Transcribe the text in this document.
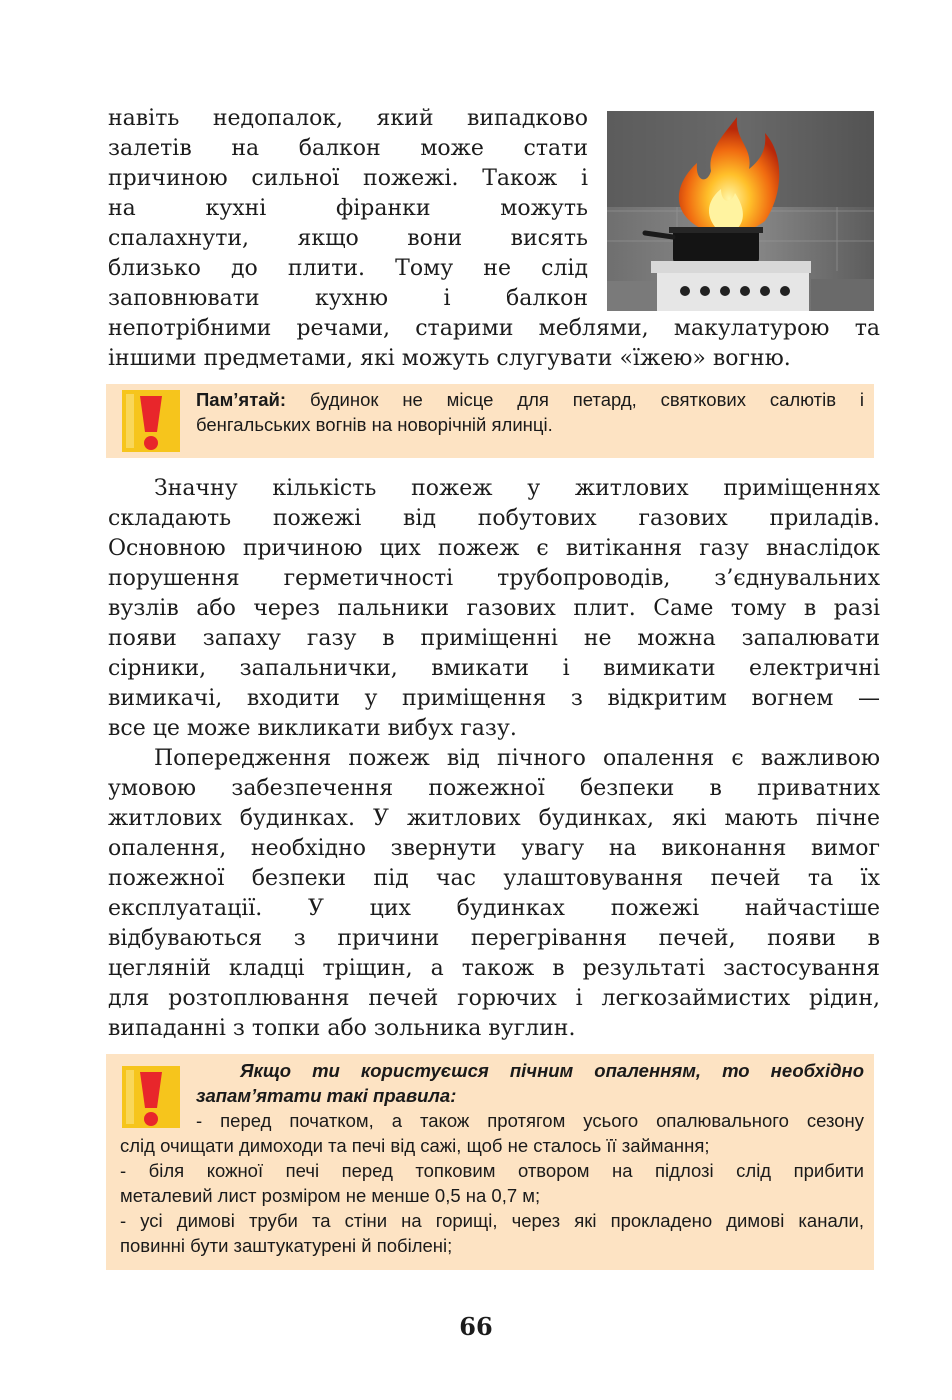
навіть недопалок, який випадково
залетів на балкон може стати
причиною сильної пожежі. Також і
на кухні фіранки можуть
спалахнути, якщо вони висять
близько до плити. Тому не слід
заповнювати кухню і балкон
непотрібними речами, старими меблями, макулатурою та
іншими предметами, які можуть слугувати «їжею» вогню.
Пам’ятай: будинок не місце для петард, святкових салютів і
бенгальських вогнів на новорічній ялинці.
Значну кількість пожеж у житлових приміщеннях
складають пожежі від побутових газових приладів.
Основною причиною цих пожеж є витікання газу внаслідок
порушення герметичності трубопроводів, з’єднувальних
вузлів або через пальники газових плит. Саме тому в разі
появи запаху газу в приміщенні не можна запалювати
сірники, запальнички, вмикати і вимикати електричні
вимикачі, входити у приміщення з відкритим вогнем —
все це може викликати вибух газу.
Попередження пожеж від пічного опалення є важливою
умовою забезпечення пожежної безпеки в приватних
житлових будинках. У житлових будинках, які мають пічне
опалення, необхідно звернути увагу на виконання вимог
пожежної безпеки під час улаштовування печей та їх
експлуатації. У цих будинках пожежі найчастіше
відбуваються з причини перегрівання печей, появи в
цегляній кладці тріщин, а також в результаті застосування
для розтоплювання печей горючих і легкозаймистих рідин,
випаданні з топки або зольника вуглин.
Якщо ти користуєшся пічним опаленням, то необхідно
запам’ятати такі правила:
- перед початком, а також протягом усього опалювального сезону
слід очищати димоходи та печі від сажі, щоб не сталось її займання;
- біля кожної печі перед топковим отвором на підлозі слід прибити
металевий лист розміром не менше 0,5 на 0,7 м;
- усі димові труби та стіни на горищі, через які прокладено димові канали,
повинні бути заштукатурені й побілені;
66
